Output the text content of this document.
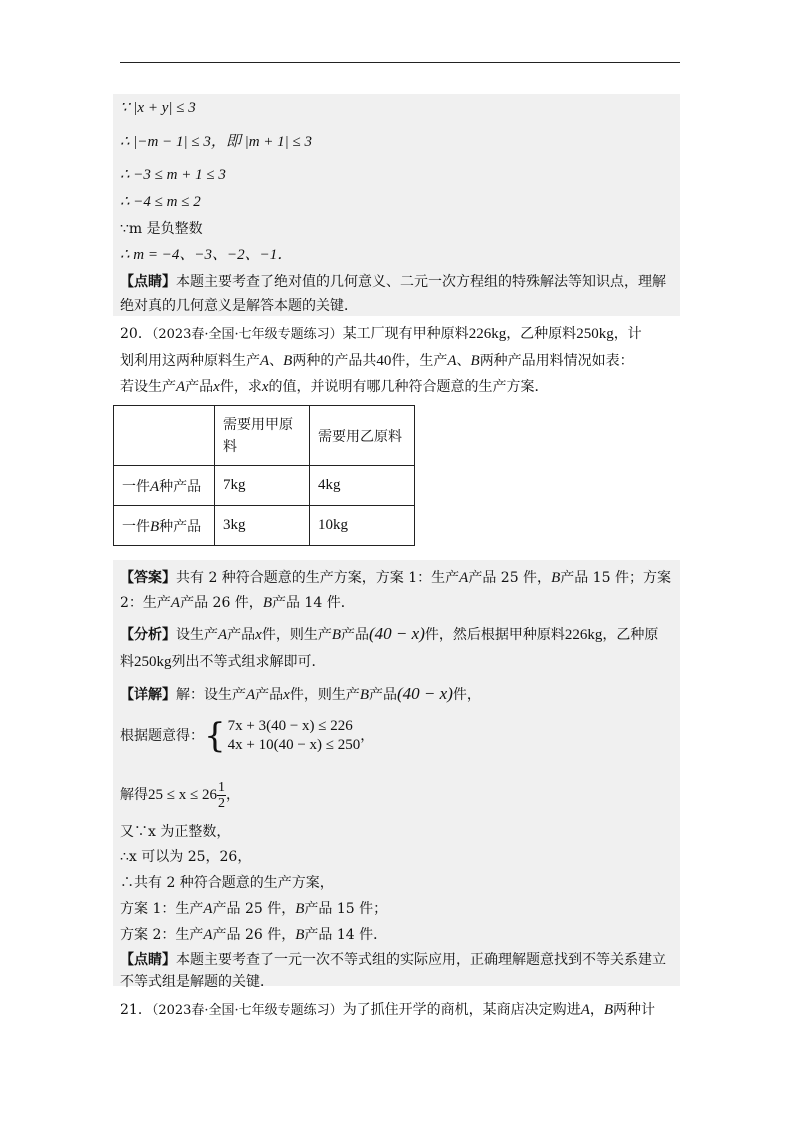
∵ |x + y| ≤ 3
∴ |−m − 1| ≤ 3，即 |m + 1| ≤ 3
∴ −3 ≤ m + 1 ≤ 3
∴ −4 ≤ m ≤ 2
∵m 是负整数
∴ m = −4、−3、−2、−1．
【点睛】本题主要考查了绝对值的几何意义、二元一次方程组的特殊解法等知识点，理解
绝对真的几何意义是解答本题的关键．
20．（2023春·全国·七年级专题练习）某工厂现有甲种原料226kg，乙种原料250kg，计
划利用这两种原料生产A、B两种的产品共40件，生产A、B两种产品用料情况如表：
若设生产A产品x件，求x的值，并说明有哪几种符合题意的生产方案．
	需要用甲原料	需要用乙原料
一件A种产品	7kg	4kg
一件B种产品	3kg	10kg
【答案】共有 2 种符合题意的生产方案，方案 1：生产A产品 25 件，B产品 15 件；方案
2：生产A产品 26 件，B产品 14 件．
【分析】设生产A产品x件，则生产B产品(40 − x)件，然后根据甲种原料226kg，乙种原
料250kg列出不等式组求解即可．
【详解】解：设生产A产品x件，则生产B产品(40 − x)件，
根据题意得：{ 7x + 3(40 − x) ≤ 226
4x + 10(40 − x) ≤ 250
，
解得$25 \le x \le 26 \frac{1}{2}$ ，
又∵x 为正整数，
∴x 可以为 25，26，
∴共有 2 种符合题意的生产方案，
方案 1：生产A产品 25 件，B产品 15 件；
方案 2：生产A产品 26 件，B产品 14 件．
【点睛】本题主要考查了一元一次不等式组的实际应用，正确理解题意找到不等关系建立
不等式组是解题的关键．
21．（2023春·全国·七年级专题练习）为了抓住开学的商机，某商店决定购进A，B两种计
